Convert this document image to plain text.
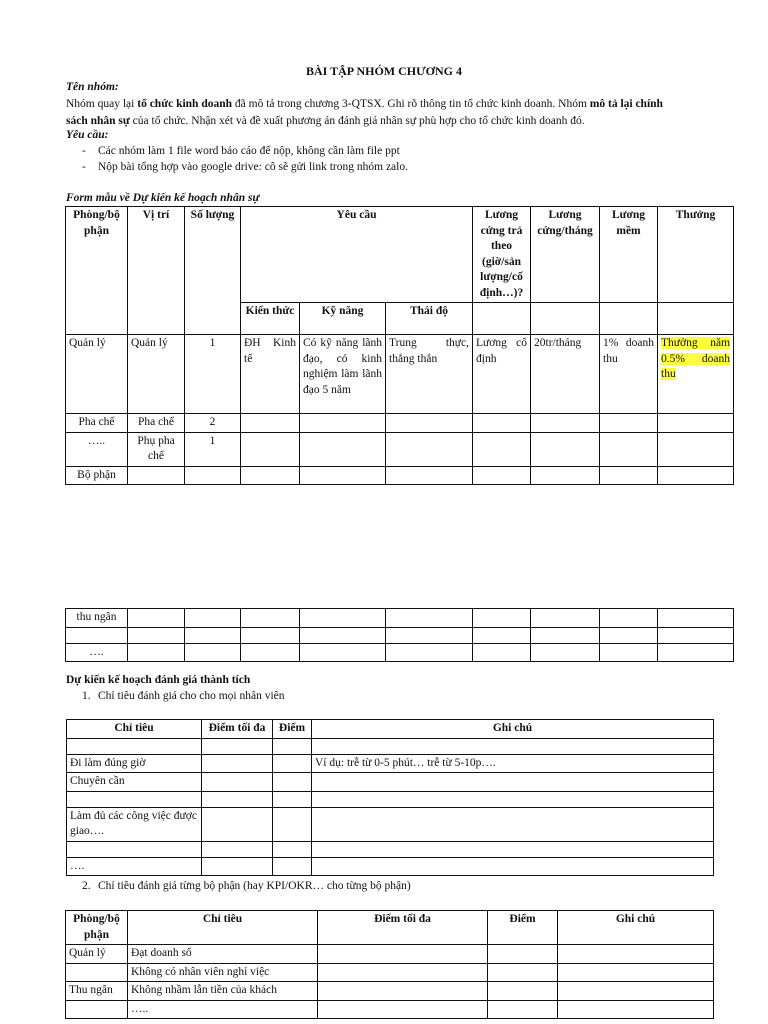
BÀI TẬP NHÓM CHƯƠNG 4
Tên nhóm:
Nhóm quay lại tổ chức kinh doanh đã mô tả trong chương 3-QTSX. Ghi rõ thông tin tổ chức kinh doanh. Nhóm mô tả lại chính
sách nhân sự của tổ chức. Nhận xét và đề xuất phương án đánh giá nhân sự phù hợp cho tổ chức kinh doanh đó.
Yêu cầu:
- Các nhóm làm 1 file word báo cáo để nộp, không cần làm file ppt
- Nộp bài tổng hợp vào google drive: cô sẽ gửi link trong nhóm zalo.
Form mẫu về Dự kiến kế hoạch nhân sự
Phòng/bộ phận	Vị trí	Số lượng	Yêu cầu			Lương cứng trả theo (giờ/sản lượng/cố định…)?	Lương cứng/tháng	Lương mềm	Thưởng
			Kiến thức	Kỹ năng	Thái độ				
Quản lý	Quản lý	1	ĐH Kinh tế	Có kỹ năng lãnh đạo, có kinh nghiệm làm lãnh đạo 5 năm	Trung thực, thẳng thắn	Lương cố định	20tr/tháng	1% doanh thu	Thưởng năm 0.5% doanh thu
Pha chế	Pha chế	2							
…..	Phụ pha chế	1							
Bộ phận									
thu ngân									

….									
Dự kiến kế hoạch đánh giá thành tích
1. Chỉ tiêu đánh giá cho cho mọi nhân viên
Chỉ tiêu	Điểm tối đa	Điểm	Ghi chú

Đi làm đúng giờ			Ví dụ: trễ từ 0-5 phút… trễ từ 5-10p….
Chuyên cần			

Làm đủ các công việc được giao….			

….			
2. Chỉ tiêu đánh giá từng bộ phận (hay KPI/OKR… cho từng bộ phận)
Phòng/bộ phận	Chỉ tiêu	Điểm tối đa	Điểm	Ghi chú
Quản lý	Đạt doanh số			
	Không có nhân viên nghỉ việc			
Thu ngân	Không nhầm lẫn tiền của khách			
	…..			
